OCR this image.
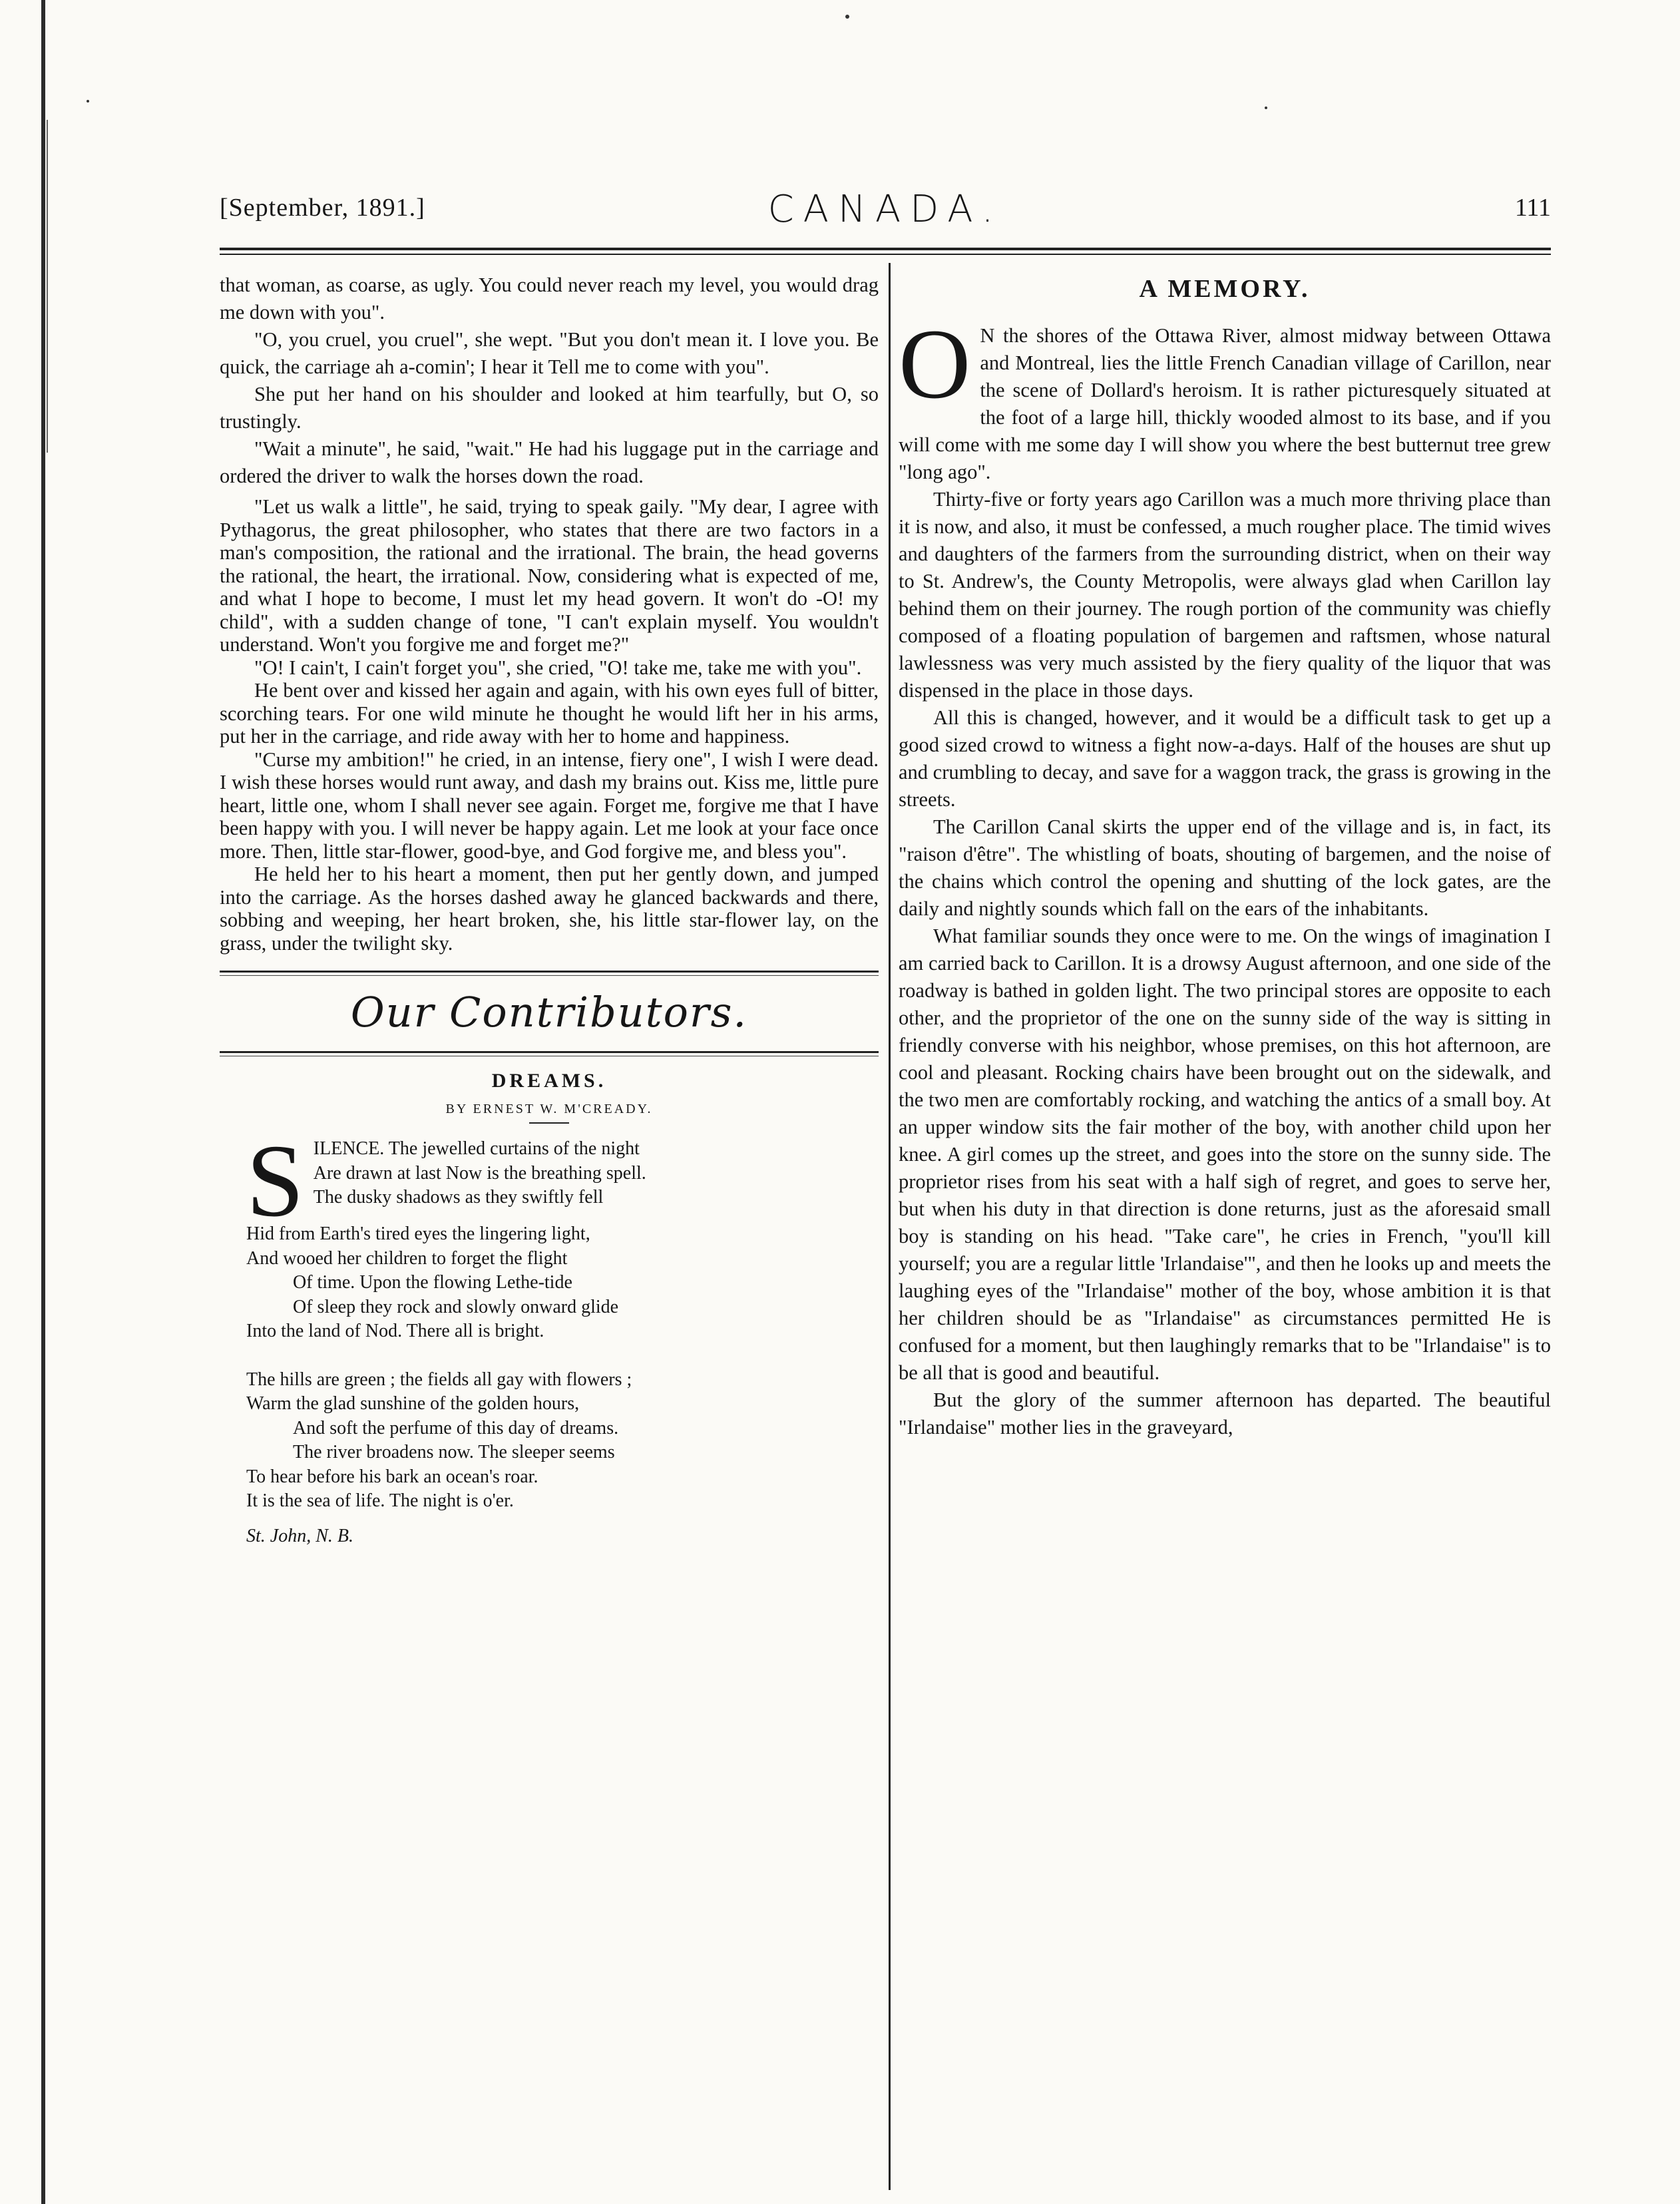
[September, 1891.]	CANADA.	111

that woman, as coarse, as ugly. You could never reach my level, you would drag me down with you".

"O, you cruel, you cruel", she wept. "But you don't mean it. I love you. Be quick, the carriage ah a-comin'; I hear it Tell me to come with you".

She put her hand on his shoulder and looked at him tearfully, but O, so trustingly.

"Wait a minute", he said, "wait." He had his luggage put in the carriage and ordered the driver to walk the horses down the road.

"Let us walk a little", he said, trying to speak gaily. "My dear, I agree with Pythagorus, the great philosopher, who states that there are two factors in a man's composition, the rational and the irrational. The brain, the head governs the rational, the heart, the irrational. Now, considering what is expected of me, and what I hope to become, I must let my head govern. It won't do -O! my child", with a sudden change of tone, "I can't explain myself. You wouldn't understand. Won't you forgive me and forget me?"

"O! I cain't, I cain't forget you", she cried, "O! take me, take me with you".

He bent over and kissed her again and again, with his own eyes full of bitter, scorching tears. For one wild minute he thought he would lift her in his arms, put her in the carriage, and ride away with her to home and happiness.

"Curse my ambition!" he cried, in an intense, fiery one", I wish I were dead. I wish these horses would runt away, and dash my brains out. Kiss me, little pure heart, little one, whom I shall never see again. Forget me, forgive me that I have been happy with you. I will never be happy again. Let me look at your face once more. Then, little star-flower, good-bye, and God forgive me, and bless you".

He held her to his heart a moment, then put her gently down, and jumped into the carriage. As the horses dashed away he glanced backwards and there, sobbing and weeping, her heart broken, she, his little star-flower lay, on the grass, under the twilight sky.

Our Contributors.
DREAMS.
BY ERNEST W. M'CREADY.
S ILENCE. The jewelled curtains of the night
Are drawn at last Now is the breathing spell.
The dusky shadows as they swiftly fell
Hid from Earth's tired eyes the lingering light,
And wooed her children to forget the flight
Of time. Upon the flowing Lethe-tide
Of sleep they rock and slowly onward glide
Into the land of Nod. There all is bright.
The hills are green ; the fields all gay with flowers ;
Warm the glad sunshine of the golden hours,
And soft the perfume of this day of dreams.
The river broadens now. The sleeper seems
To hear before his bark an ocean's roar.
It is the sea of life. The night is o'er.
St. John, N. B.
A MEMORY.

O N the shores of the Ottawa River, almost midway between Ottawa and Montreal, lies the little French Canadian village of Carillon, near the scene of Dollard's heroism. It is rather picturesquely situated at the foot of a large hill, thickly wooded almost to its base, and if you will come with me some day I will show you where the best butternut tree grew "long ago".

Thirty-five or forty years ago Carillon was a much more thriving place than it is now, and also, it must be confessed, a much rougher place. The timid wives and daughters of the farmers from the surrounding district, when on their way to St. Andrew's, the County Metropolis, were always glad when Carillon lay behind them on their journey. The rough portion of the community was chiefly composed of a floating population of bargemen and raftsmen, whose natural lawlessness was very much assisted by the fiery quality of the liquor that was dispensed in the place in those days.

All this is changed, however, and it would be a difficult task to get up a good sized crowd to witness a fight now-a-days. Half of the houses are shut up and crumbling to decay, and save for a waggon track, the grass is growing in the streets.

The Carillon Canal skirts the upper end of the village and is, in fact, its "raison d'être". The whistling of boats, shouting of bargemen, and the noise of the chains which control the opening and shutting of the lock gates, are the daily and nightly sounds which fall on the ears of the inhabitants.

What familiar sounds they once were to me. On the wings of imagination I am carried back to Carillon. It is a drowsy August afternoon, and one side of the roadway is bathed in golden light. The two principal stores are opposite to each other, and the proprietor of the one on the sunny side of the way is sitting in friendly converse with his neighbor, whose premises, on this hot afternoon, are cool and pleasant. Rocking chairs have been brought out on the sidewalk, and the two men are comfortably rocking, and watching the antics of a small boy. At an upper window sits the fair mother of the boy, with another child upon her knee. A girl comes up the street, and goes into the store on the sunny side. The proprietor rises from his seat with a half sigh of regret, and goes to serve her, but when his duty in that direction is done returns, just as the aforesaid small boy is standing on his head. "Take care", he cries in French, "you'll kill yourself; you are a regular little 'Irlandaise'", and then he looks up and meets the laughing eyes of the "Irlandaise" mother of the boy, whose ambition it is that her children should be as "Irlandaise" as circumstances permitted He is confused for a moment, but then laughingly remarks that to be "Irlandaise" is to be all that is good and beautiful.

But the glory of the summer afternoon has departed. The beautiful "Irlandaise" mother lies in the graveyard,
